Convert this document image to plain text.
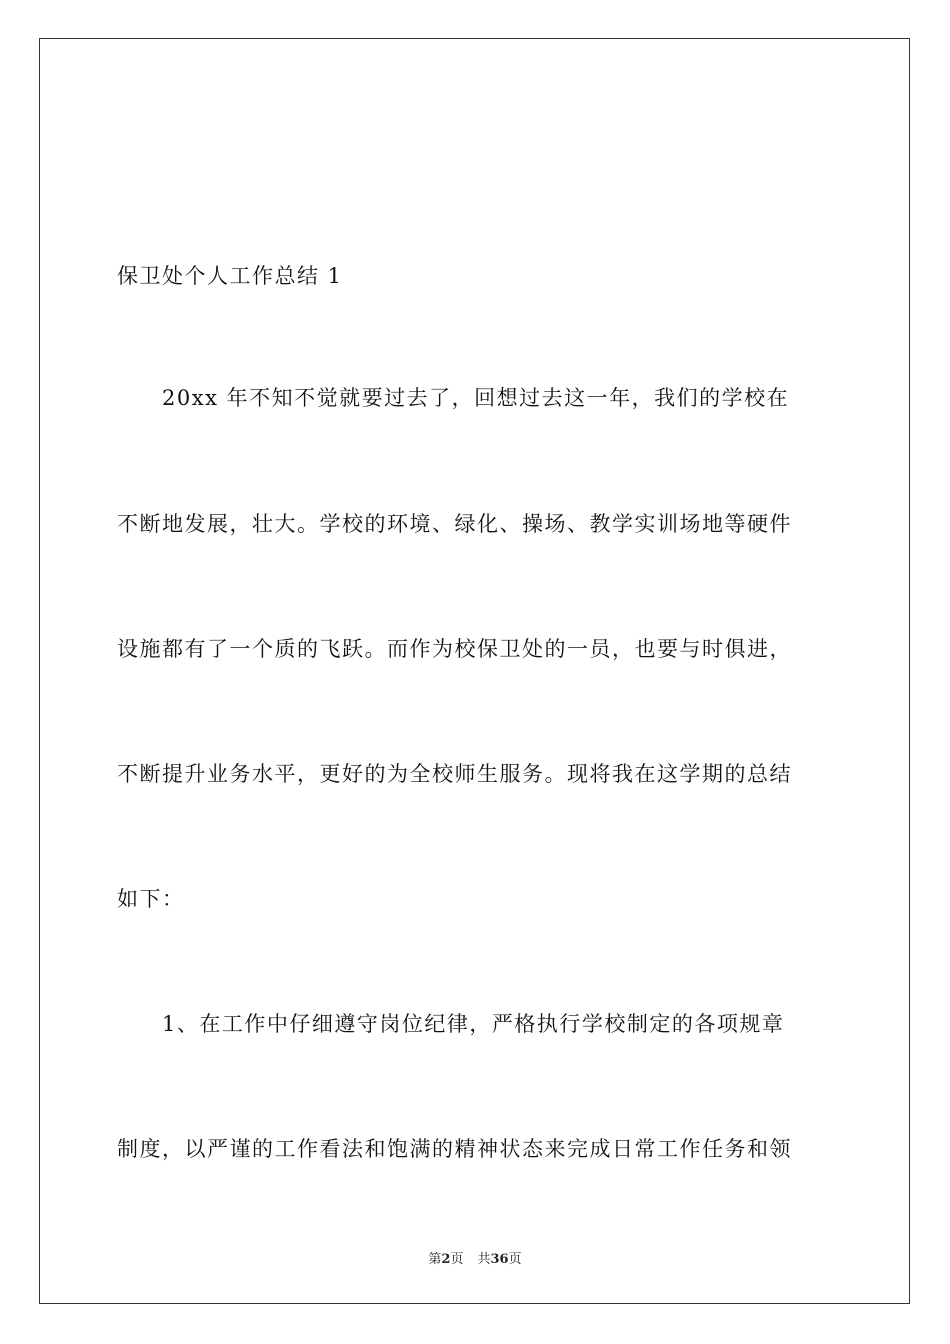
保卫处个人工作总结 1
20xx 年不知不觉就要过去了，回想过去这一年，我们的学校在
不断地发展，壮大。学校的环境、绿化、操场、教学实训场地等硬件
设施都有了一个质的飞跃。而作为校保卫处的一员，也要与时俱进，
不断提升业务水平，更好的为全校师生服务。现将我在这学期的总结
如下：
1、在工作中仔细遵守岗位纪律，严格执行学校制定的各项规章
制度，以严谨的工作看法和饱满的精神状态来完成日常工作任务和领
第2页 共36页
